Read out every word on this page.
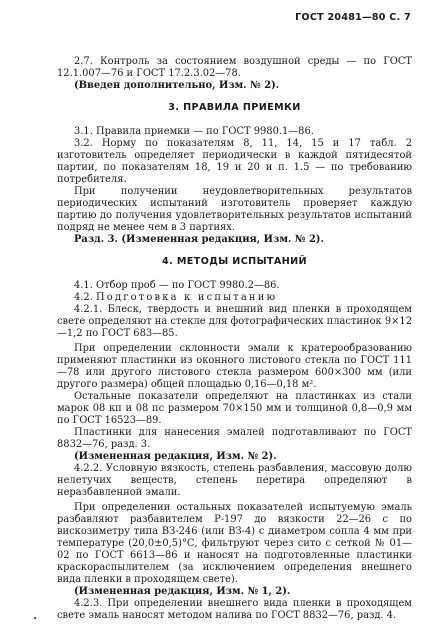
ГОСТ 20481—80 С. 7

2.7. Контроль за состоянием воздушной среды — по ГОСТ 12.1.007—76 и ГОСТ 17.2.3.02—78.

(Введен дополнительно, Изм. № 2).

3. ПРАВИЛА ПРИЕМКИ

3.1. Правила приемки — по ГОСТ 9980.1—86.

3.2. Норму по показателям 8, 11, 14, 15 и 17 табл. 2 изготовитель определяет периодически в каждой пятидесятой партии, по показателям 18, 19 и 20 и п. 1.5 — по требованию потребителя.

При получении неудовлетворительных результатов периодических испытаний изготовитель проверяет каждую партию до получения удовлетворительных результатов испытаний подряд не менее чем в 3 партиях.

Разд. 3. (Измененная редакция, Изм. № 2).

4. МЕТОДЫ ИСПЫТАНИЙ

4.1. Отбор проб — по ГОСТ 9980.2—86.

4.2. Подготовка к испытанию

4.2.1. Блеск, твердость и внешний вид пленки в проходящем свете определяют на стекле для фотографических пластинок 9×12—1,2 по ГОСТ 683—85.

При определении склонности эмали к кратерообразованию применяют пластинки из оконного листового стекла по ГОСТ 111—78 или другого листового стекла размером 600×300 мм (или другого размера) общей площадью 0,16—0,18 м².

Остальные показатели определяют на пластинках из стали марок 08 кп и 08 пс размером 70×150 мм и толщиной 0,8—0,9 мм по ГОСТ 16523—89.

Пластинки для нанесения эмалей подготавливают по ГОСТ 8832—76, разд. 3.

(Измененная редакция, Изм. № 2).

4.2.2. Условную вязкость, степень разбавления, массовую долю нелетучих веществ, степень перетира определяют в неразбавленной эмали.

При определении остальных показателей испытуемую эмаль разбавляют разбавителем Р-197 до вязкости 22—26 с по вискозиметру типа ВЗ-246 (или ВЗ-4) с диаметром сопла 4 мм при температуре (20,0±0,5)°С, фильтруют через сито с сеткой № 01—02 по ГОСТ 6613—86 и наносят на подготовленные пластинки краскораспылителем (за исключением определения внешнего вида пленки в проходящем свете).

(Измененная редакция, Изм. № 1, 2).

4.2.3. При определении внешнего вида пленки в проходящем свете эмаль наносят методом налива по ГОСТ 8832—76, разд. 4.

•
